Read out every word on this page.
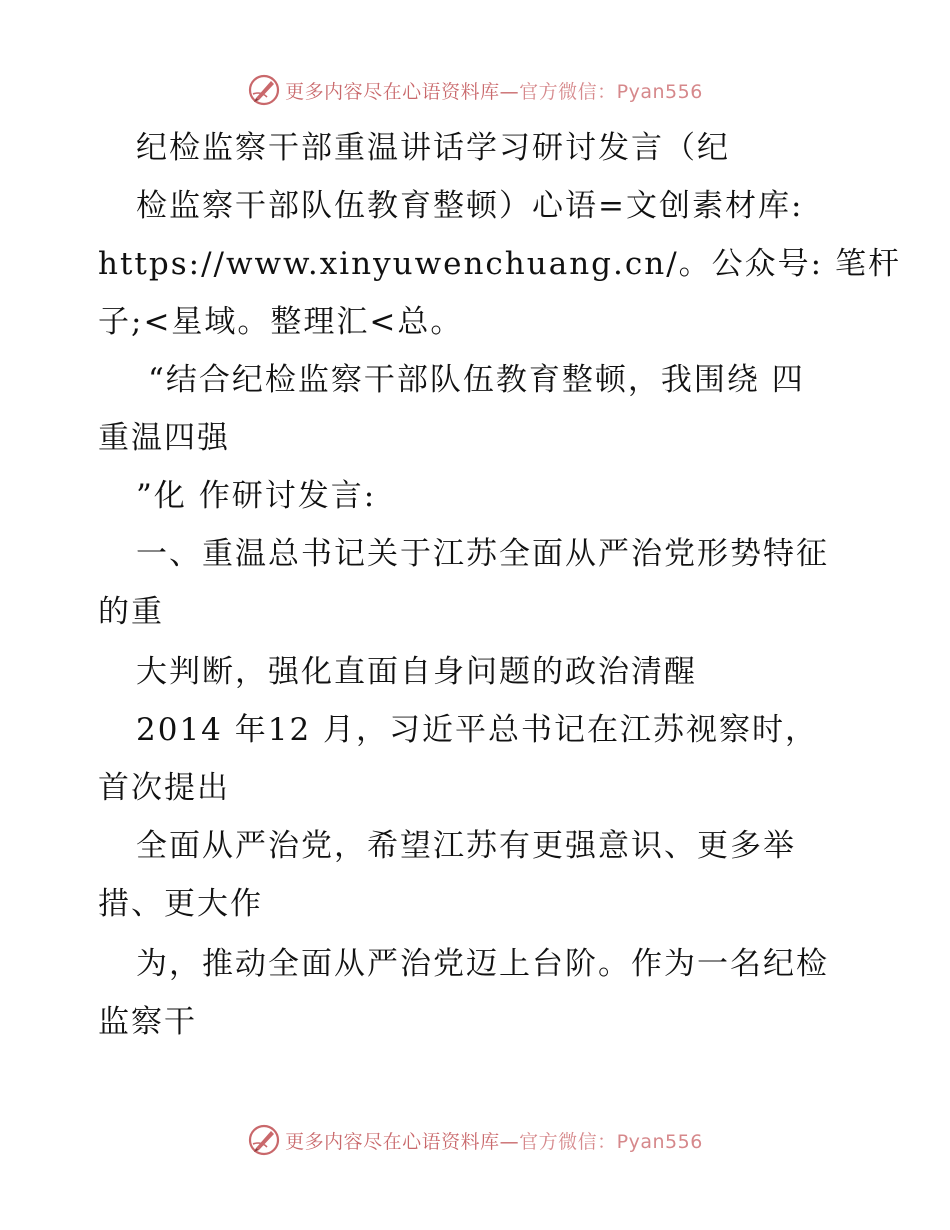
更多内容尽在心语资料库—官方微信：Pyan556
纪检监察干部重温讲话学习研讨发言（纪
检监察干部队伍教育整顿）心语=文创素材库:
https://www.xinyuwenchuang.cn/。公众号: 笔杆
子;<星域。整理汇<总。
“结合纪检监察干部队伍教育整顿，我围绕 四
重温四强
”化 作研讨发言:
一、重温总书记关于江苏全面从严治党形势特征
的重
大判断，强化直面自身问题的政治清醒
2014 年12 月，习近平总书记在江苏视察时，
首次提出
全面从严治党，希望江苏有更强意识、更多举
措、更大作
为，推动全面从严治党迈上台阶。作为一名纪检
监察干
更多内容尽在心语资料库—官方微信：Pyan556
